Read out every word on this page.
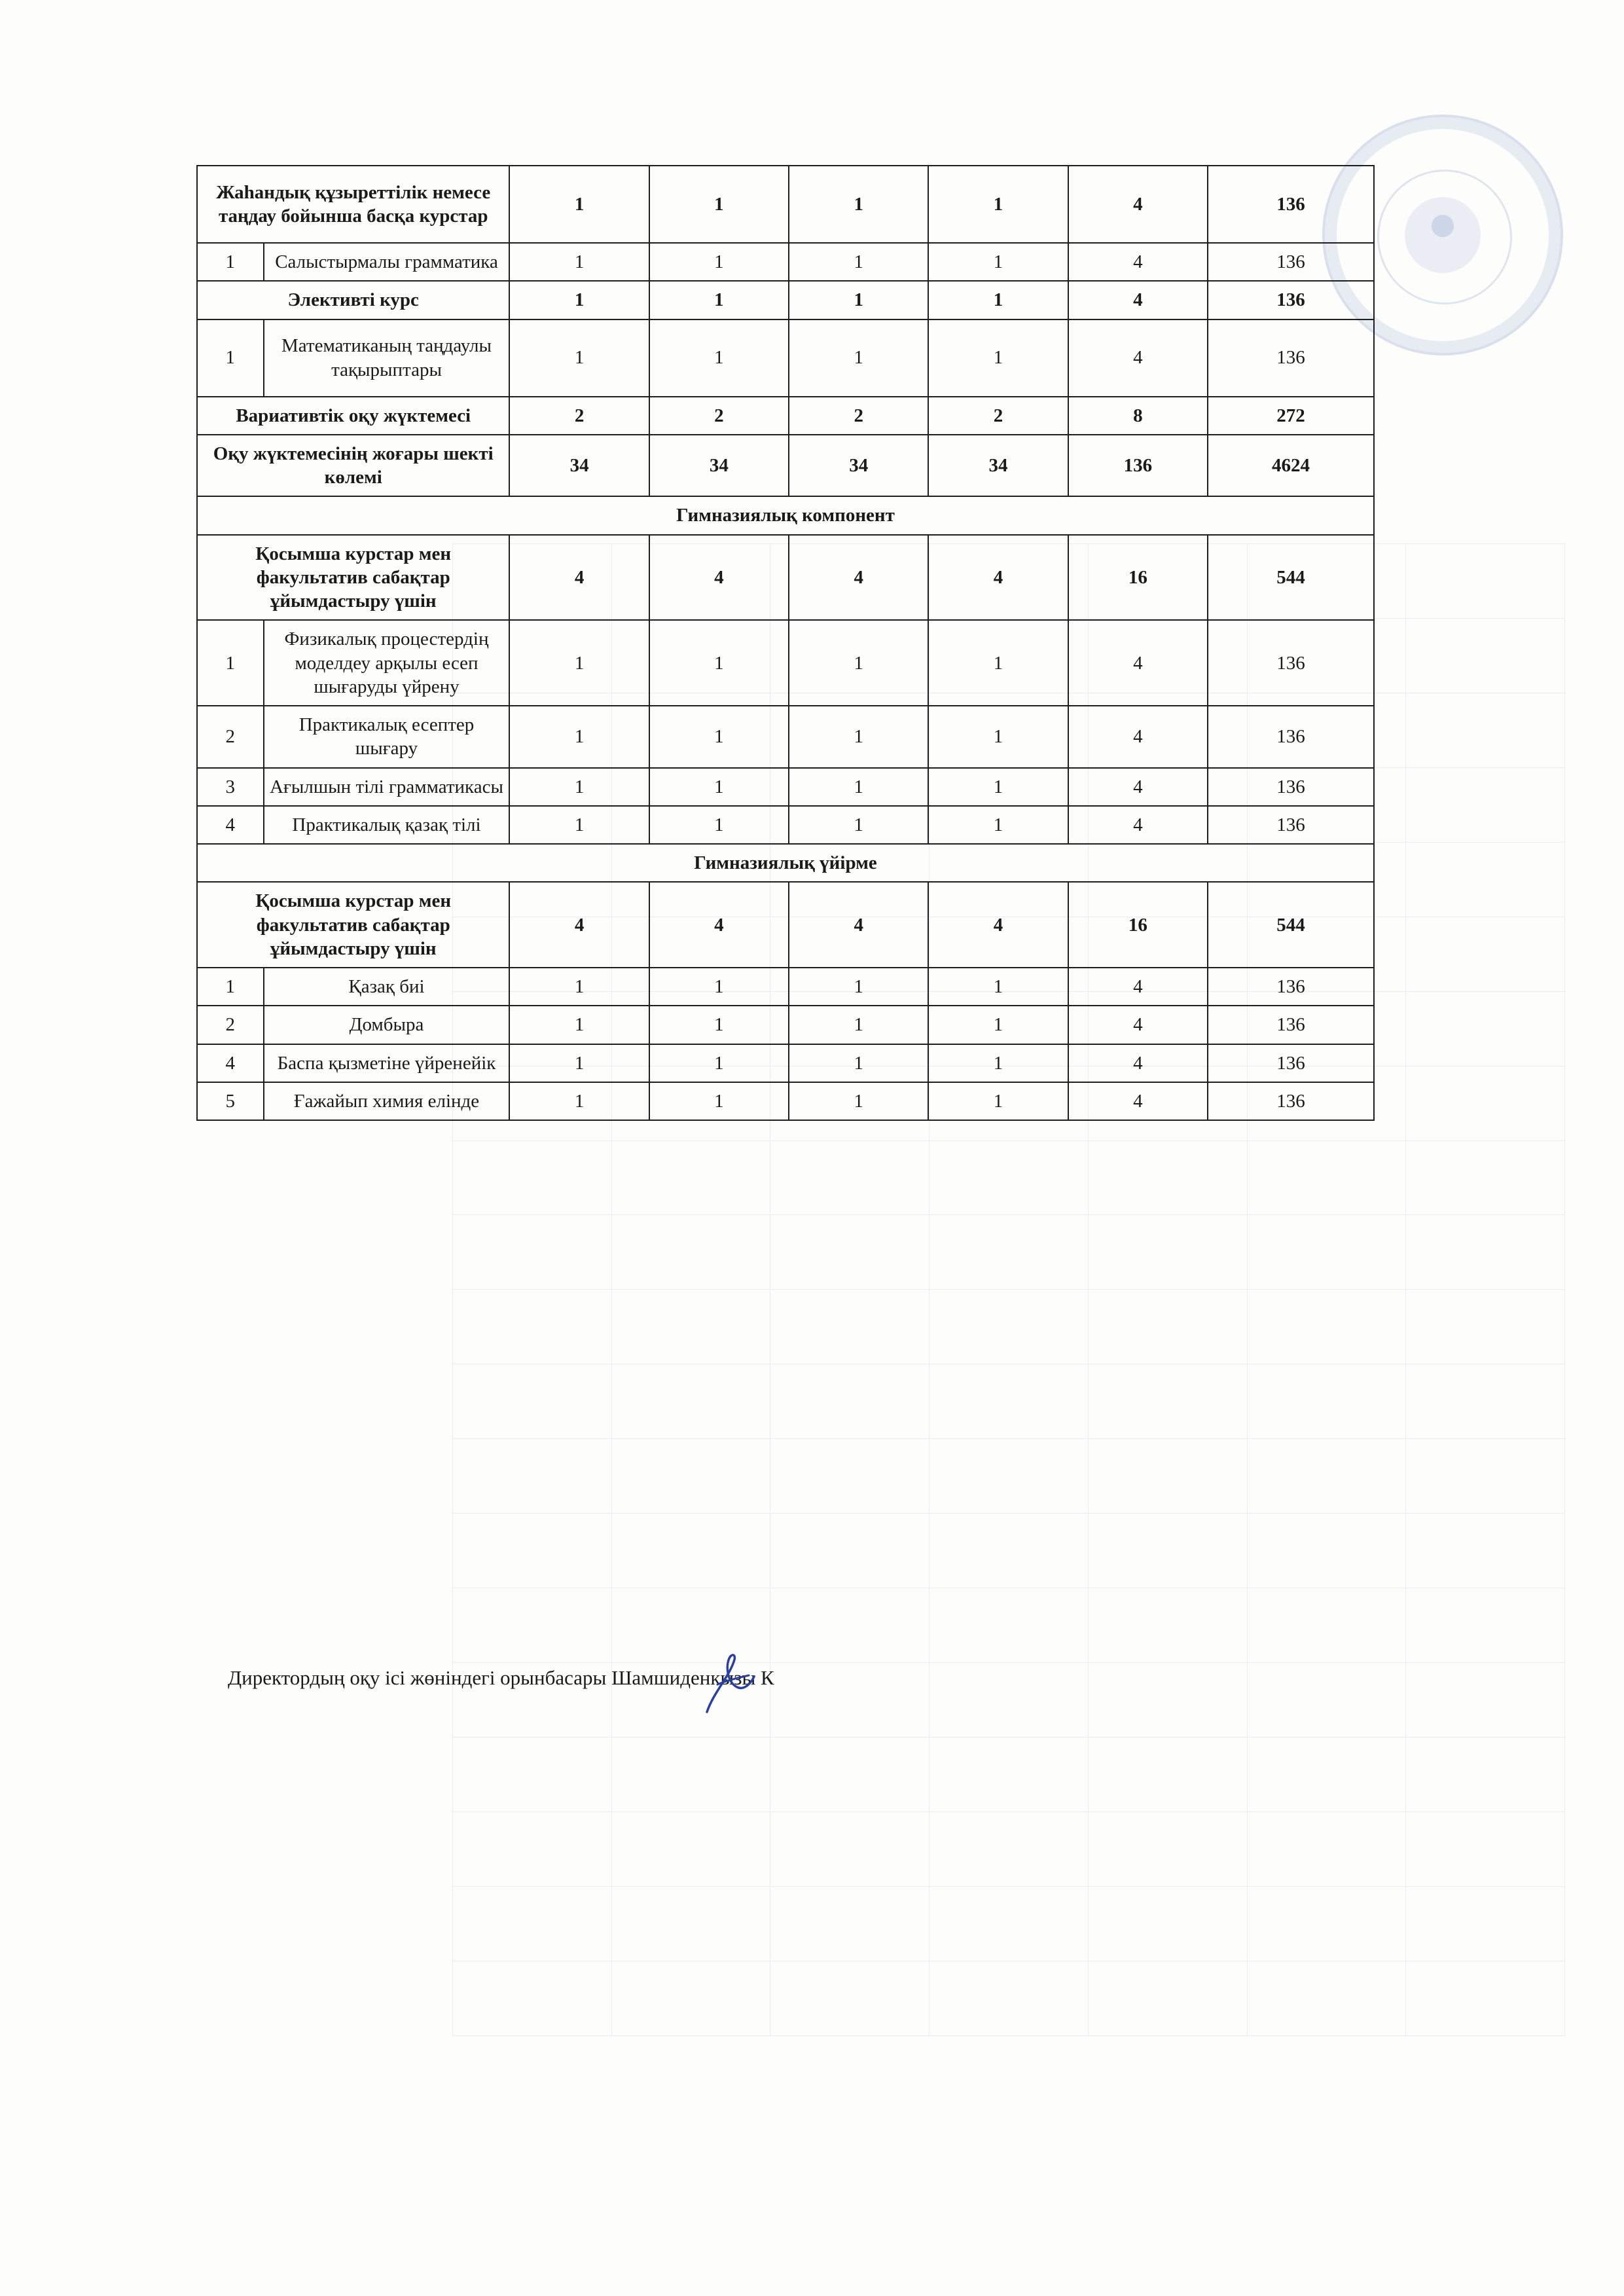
Жаһандық құзыреттілік немесе таңдау бойынша басқа курстар		1	1	1	1	4	136
1	Салыстырмалы грамматика	1	1	1	1	4	136
Элективті курс		1	1	1	1	4	136
1	Математиканың таңдаулы тақырыптары	1	1	1	1	4	136
Вариативтік оқу жүктемесі		2	2	2	2	8	272
Оқу жүктемесінің жоғары шекті көлемі		34	34	34	34	136	4624
Гимназиялық компонент							
Қосымша курстар мен факультатив сабақтар ұйымдастыру үшін		4	4	4	4	16	544
1	Физикалық процестердің моделдеу арқылы есеп шығаруды үйрену	1	1	1	1	4	136
2	Практикалық есептер шығару	1	1	1	1	4	136
3	Ағылшын тілі грамматикасы	1	1	1	1	4	136
4	Практикалық қазақ тілі	1	1	1	1	4	136
Гимназиялық үйірме							
Қосымша курстар мен факультатив сабақтар ұйымдастыру үшін		4	4	4	4	16	544
1	Қазақ биі	1	1	1	1	4	136
2	Домбыра	1	1	1	1	4	136
4	Баспа қызметіне үйренейік	1	1	1	1	4	136
5	Ғажайып химия елінде	1	1	1	1	4	136
Директордың оқу ісі жөніндегі орынбасары Шамшиденкызы К
